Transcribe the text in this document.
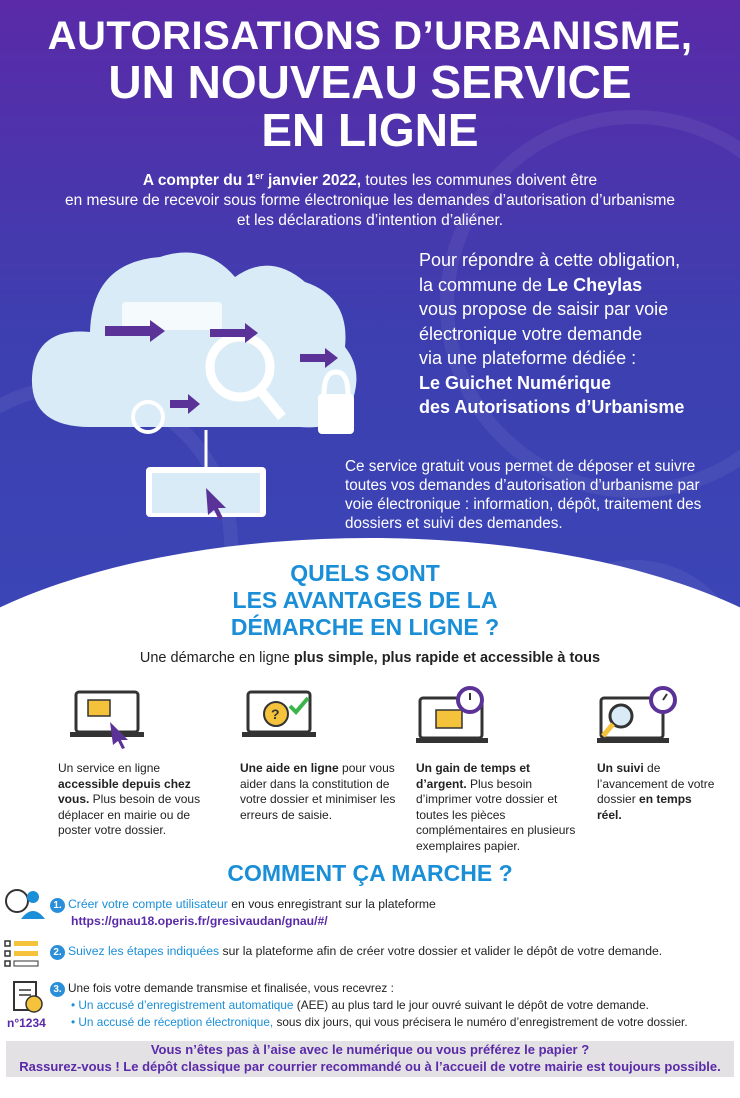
AUTORISATIONS D’URBANISME,
UN NOUVEAU SERVICE
EN LIGNE
A compter du 1er janvier 2022, toutes les communes doivent être
en mesure de recevoir sous forme électronique les demandes d’autorisation d’urbanisme
et les déclarations d’intention d’aliéner.
Pour répondre à cette obligation,
la commune de Le Cheylas
vous propose de saisir par voie
électronique votre demande
via une plateforme dédiée :
Le Guichet Numérique
des Autorisations d’Urbanisme
Ce service gratuit vous permet de déposer et suivre toutes vos demandes d’autorisation d’urbanisme par voie électronique : information, dépôt, traitement des dossiers et suivi des demandes.
QUELS SONT
LES AVANTAGES DE LA
DÉMARCHE EN LIGNE ?
Une démarche en ligne plus simple, plus rapide et accessible à tous
Un service en ligne accessible depuis chez vous. Plus besoin de vous déplacer en mairie ou de poster votre dossier.
?
Une aide en ligne pour vous aider dans la constitution de votre dossier et minimiser les erreurs de saisie.
Un gain de temps et d’argent. Plus besoin d’imprimer votre dossier et toutes les pièces complémentaires en plusieurs exemplaires papier.
Un suivi de l’avancement de votre dossier en temps réel.
COMMENT ÇA MARCHE ?
n°1234
1. Créer votre compte utilisateur en vous enregistrant sur la plateforme
https://gnau18.operis.fr/gresivaudan/gnau/#/
2. Suivez les étapes indiquées sur la plateforme afin de créer votre dossier et valider le dépôt de votre demande.
3. Une fois votre demande transmise et finalisée, vous recevrez :
• Un accusé d’enregistrement automatique (AEE) au plus tard le jour ouvré suivant le dépôt de votre demande.
• Un accusé de réception électronique, sous dix jours, qui vous précisera le numéro d’enregistrement de votre dossier.
Vous n’êtes pas à l’aise avec le numérique ou vous préférez le papier ?
Rassurez-vous ! Le dépôt classique par courrier recommandé ou à l’accueil de votre mairie est toujours possible.
